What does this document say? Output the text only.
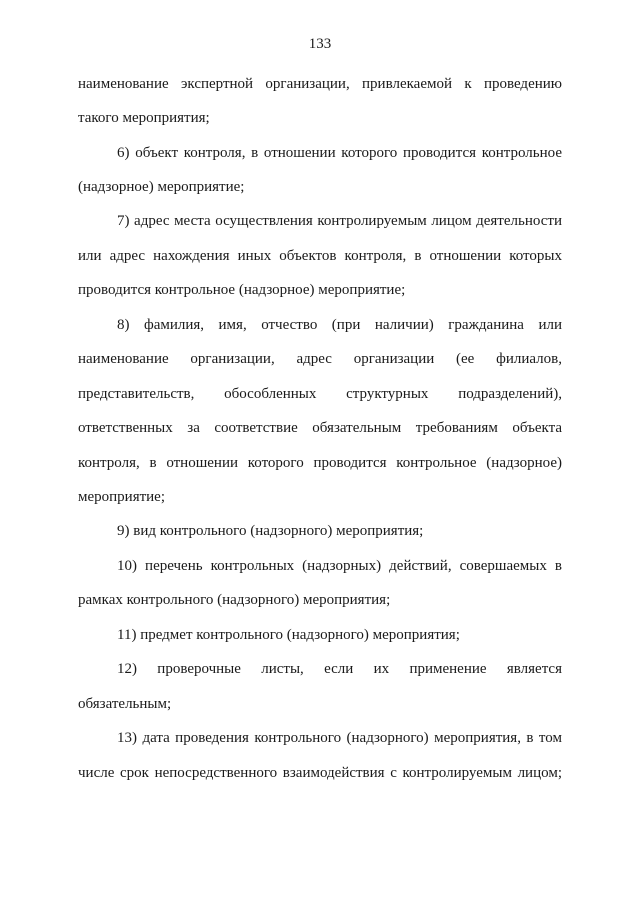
133
наименование экспертной организации, привлекаемой к проведению
такого мероприятия;
6) объект контроля, в отношении которого проводится контрольное
(надзорное) мероприятие;
7) адрес места осуществления контролируемым лицом деятельности
или адрес нахождения иных объектов контроля, в отношении которых
проводится контрольное (надзорное) мероприятие;
8) фамилия, имя, отчество (при наличии) гражданина или
наименование организации, адрес организации (ее филиалов,
представительств, обособленных структурных подразделений),
ответственных за соответствие обязательным требованиям объекта
контроля, в отношении которого проводится контрольное (надзорное)
мероприятие;
9) вид контрольного (надзорного) мероприятия;
10) перечень контрольных (надзорных) действий, совершаемых в
рамках контрольного (надзорного) мероприятия;
11) предмет контрольного (надзорного) мероприятия;
12) проверочные листы, если их применение является
обязательным;
13) дата проведения контрольного (надзорного) мероприятия, в том
числе срок непосредственного взаимодействия с контролируемым лицом;
